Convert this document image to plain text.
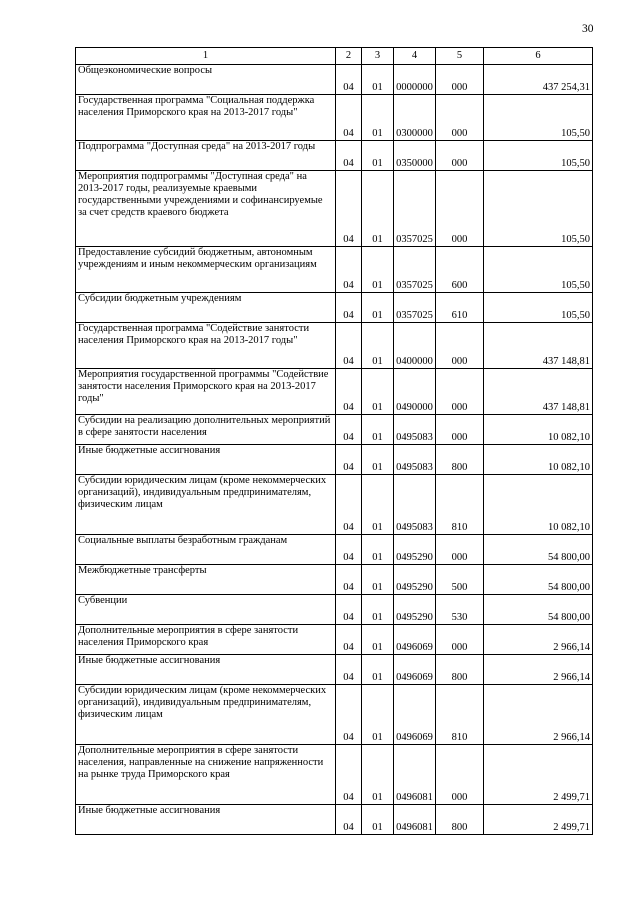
30
1	2	3	4	5	6
Общеэкономические вопросы	04	01	0000000	000	437 254,31
Государственная программа "Социальная поддержка населения Приморского края на 2013-2017 годы"	04	01	0300000	000	105,50
Подпрограмма "Доступная среда" на 2013-2017 годы	04	01	0350000	000	105,50
Мероприятия подпрограммы "Доступная среда" на 2013-2017 годы, реализуемые краевыми государственными учреждениями и софинансируемые за счет средств краевого бюджета	04	01	0357025	000	105,50
Предоставление субсидий бюджетным, автономным учреждениям и иным некоммерческим организациям	04	01	0357025	600	105,50
Субсидии бюджетным учреждениям	04	01	0357025	610	105,50
Государственная программа "Содействие занятости населения Приморского края на 2013-2017 годы"	04	01	0400000	000	437 148,81
Мероприятия государственной программы "Содействие занятости населения Приморского края на 2013-2017 годы"	04	01	0490000	000	437 148,81
Субсидии на реализацию дополнительных мероприятий в сфере занятости населения	04	01	0495083	000	10 082,10
Иные бюджетные ассигнования	04	01	0495083	800	10 082,10
Субсидии юридическим лицам (кроме некоммерческих организаций), индивидуальным предпринимателям, физическим лицам	04	01	0495083	810	10 082,10
Социальные выплаты безработным гражданам	04	01	0495290	000	54 800,00
Межбюджетные трансферты	04	01	0495290	500	54 800,00
Субвенции	04	01	0495290	530	54 800,00
Дополнительные мероприятия в сфере занятости населения Приморского края	04	01	0496069	000	2 966,14
Иные бюджетные ассигнования	04	01	0496069	800	2 966,14
Субсидии юридическим лицам (кроме некоммерческих организаций), индивидуальным предпринимателям, физическим лицам	04	01	0496069	810	2 966,14
Дополнительные мероприятия в сфере занятости населения, направленные на снижение напряженности на рынке труда Приморского края	04	01	0496081	000	2 499,71
Иные бюджетные ассигнования	04	01	0496081	800	2 499,71
